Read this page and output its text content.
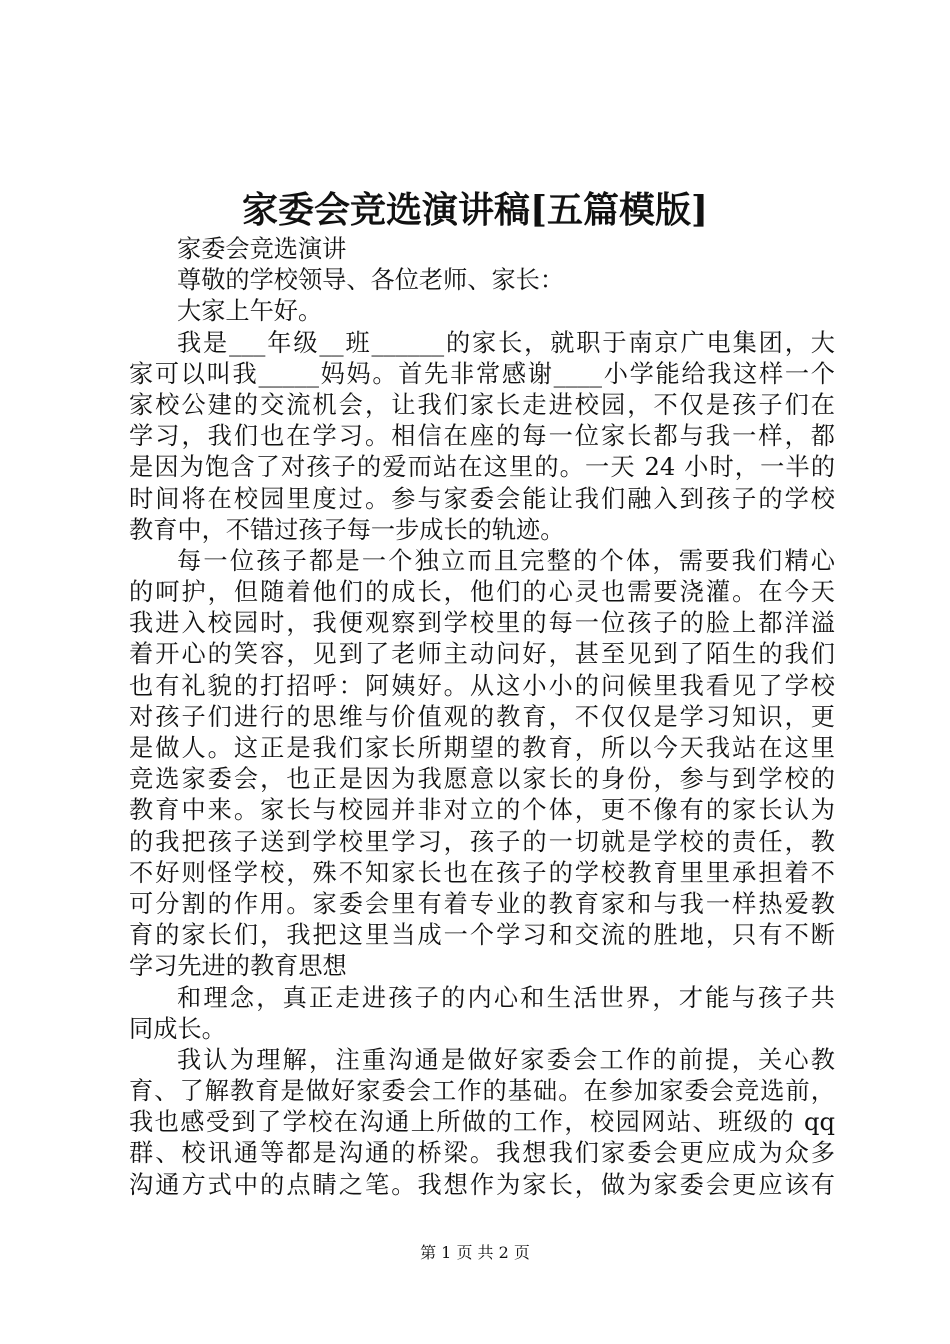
家委会竞选演讲稿[五篇模版]
家委会竞选演讲
尊敬的学校领导、各位老师、家长：
大家上午好。
我是___年级__班______的家长，就职于南京广电集团，大
家可以叫我_____妈妈。首先非常感谢____小学能给我这样一个
家校公建的交流机会，让我们家长走进校园，不仅是孩子们在
学习，我们也在学习。相信在座的每一位家长都与我一样，都
是因为饱含了对孩子的爱而站在这里的。一天 24 小时，一半的
时间将在校园里度过。参与家委会能让我们融入到孩子的学校
教育中，不错过孩子每一步成长的轨迹。
每一位孩子都是一个独立而且完整的个体，需要我们精心
的呵护，但随着他们的成长，他们的心灵也需要浇灌。在今天
我进入校园时，我便观察到学校里的每一位孩子的脸上都洋溢
着开心的笑容，见到了老师主动问好，甚至见到了陌生的我们
也有礼貌的打招呼：阿姨好。从这小小的问候里我看见了学校
对孩子们进行的思维与价值观的教育，不仅仅是学习知识，更
是做人。这正是我们家长所期望的教育，所以今天我站在这里
竞选家委会，也正是因为我愿意以家长的身份，参与到学校的
教育中来。家长与校园并非对立的个体，更不像有的家长认为
的我把孩子送到学校里学习，孩子的一切就是学校的责任，教
不好则怪学校，殊不知家长也在孩子的学校教育里里承担着不
可分割的作用。家委会里有着专业的教育家和与我一样热爱教
育的家长们，我把这里当成一个学习和交流的胜地，只有不断
学习先进的教育思想
和理念，真正走进孩子的内心和生活世界，才能与孩子共
同成长。
我认为理解，注重沟通是做好家委会工作的前提，关心教
育、了解教育是做好家委会工作的基础。在参加家委会竞选前，
我也感受到了学校在沟通上所做的工作，校园网站、班级的 qq
群、校讯通等都是沟通的桥梁。我想我们家委会更应成为众多
沟通方式中的点睛之笔。我想作为家长，做为家委会更应该有
第 1 页 共 2 页
